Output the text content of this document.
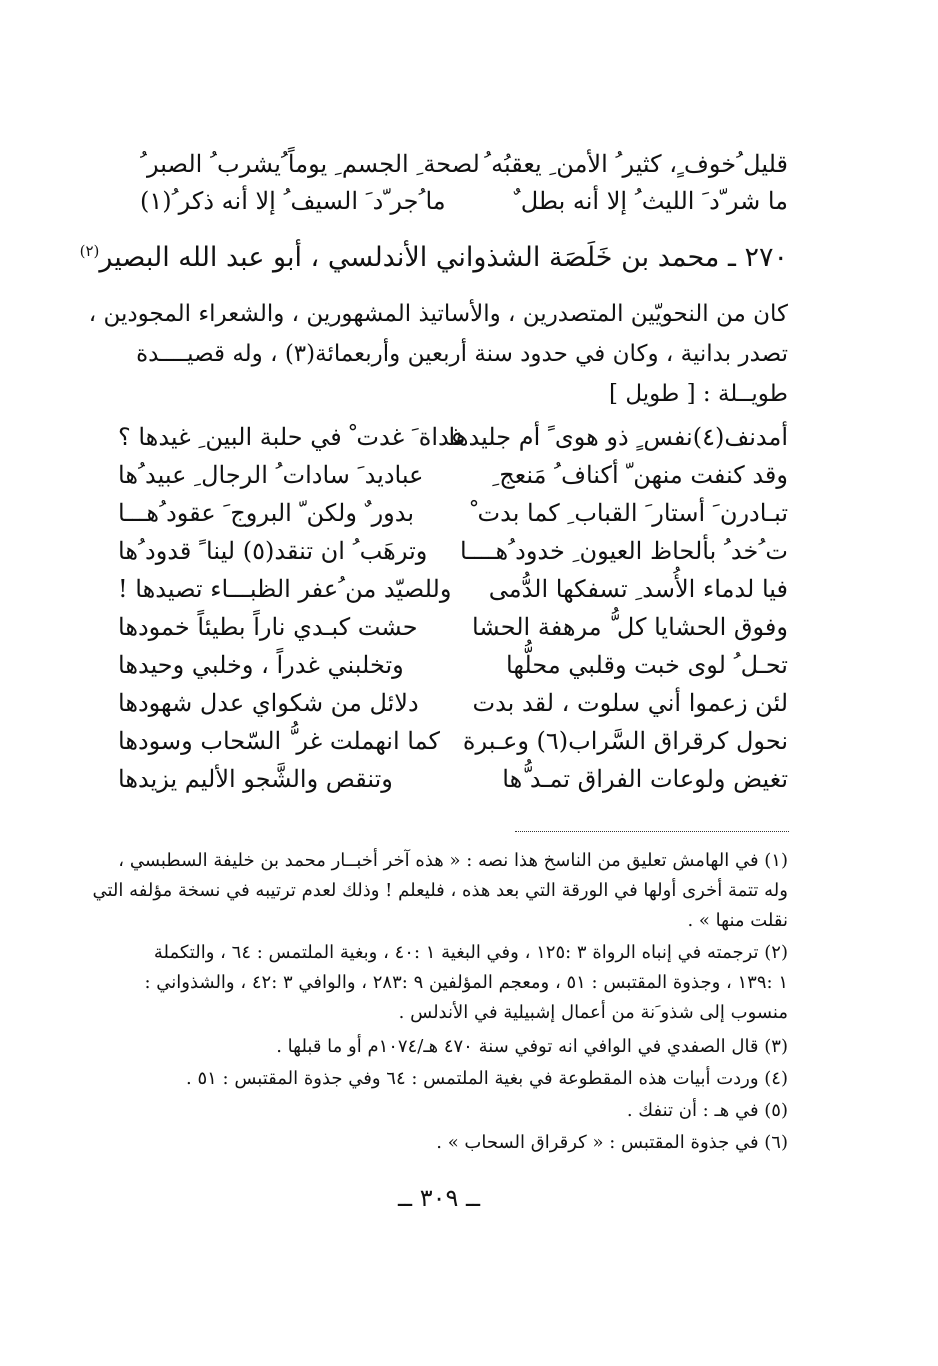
قليل ُخوف ٍ، كثير ُ الأمن ِ يعقبُه ُ
لصحة ِ الجسم ِ يوماً ُيشرب ُ الصبر ُ
ما شر ّد َ الليث ُ إلا أنه بطل ٌ
ما ُجر ّد َ السيف ُ إلا أنه ذكر ُ(١)
٢٧٠ ـ محمد بن خَلَصَة الشذواني الأندلسي ، أبو عبد الله البصير$^{(٢)}$
كان من النحويّين المتصدرين ، والأساتيذ المشهورين ، والشعراء المجودين ،
تصدر بدانية ، وكان في حدود سنة أربعين وأربعمائة(٣) ، وله قصيــــدة
طويــلة : [ طويل ]
أمدنف(٤)نفس ٍ ذو هوى ً أم جليدها
غداة َ غدت ْ في حلبة البين ِ غيدها ؟
وقد كنفت منهن ّ أكناف ُ مَنعج ِ
عباديد َ سادات ُ الرجال ِ عبيد ُها
تبـادرن َ أستار َ القباب ِ كما بدت ْ
بدور ٌ ولكن ّ البروج َ عقود ُهـــا
ت ُخد ُ بألحاظ العيون ِ خدود ُهــــا
وترهَب ُ ان تنقد(٥) لينا ً قدود ُها
فيا لدماء الأُسد ِ تسفكها الدُّمى
وللصيّد من ُعفر الظبـــاء تصيدها !
وفوق الحشايا كل ُّ مرهفة الحشا
حشت كبـدي ناراً بطيئاً خمودها
تحـل ُ لوى خبت وقلبي محلُّها
وتخلبني غدراً ، وخلبي وحيدها
لئن زعموا أني سلوت ، لقد بدت
دلائل من شكواي عدل شهودها
نحول كرقراق السَّراب(٦) وعـبرة
كما انهملت غر ُّ السّحاب وسودها
تغيض ولوعات الفراق تمـد ُّها
وتنقص والشَّجو الأليم يزيدها
(١) في الهامش تعليق من الناسخ هذا نصه : « هذه آخر أخبــار محمد بن خليفة السطبسي ،
وله تتمة أخرى أولها في الورقة التي بعد هذه ، فليعلم ! وذلك لعدم ترتيبه في نسخة مؤلفه التي
نقلت منها » .
(٢) ترجمته في إنباه الرواة ٣ :١٢٥ ، وفي البغية ١ :٤٠ ، وبغية الملتمس : ٦٤ ، والتكملة
١ :١٣٩ ، وجذوة المقتبس : ٥١ ، ومعجم المؤلفين ٩ :٢٨٣ ، والوافي ٣ :٤٢ ، والشذواني :
منسوب إلى شذو َنة من أعمال إشبيلية في الأندلس .
(٣) قال الصفدي في الوافي انه توفي سنة ٤٧٠ هـ/١٠٧٤م أو ما قبلها .
(٤) وردت أبيات هذه المقطوعة في بغية الملتمس : ٦٤ وفي جذوة المقتبس : ٥١ .
(٥) في هـ : أن تنفك .
(٦) في جذوة المقتبس : « كرقراق السحاب » .
ــ ٣٠٩ ــ
